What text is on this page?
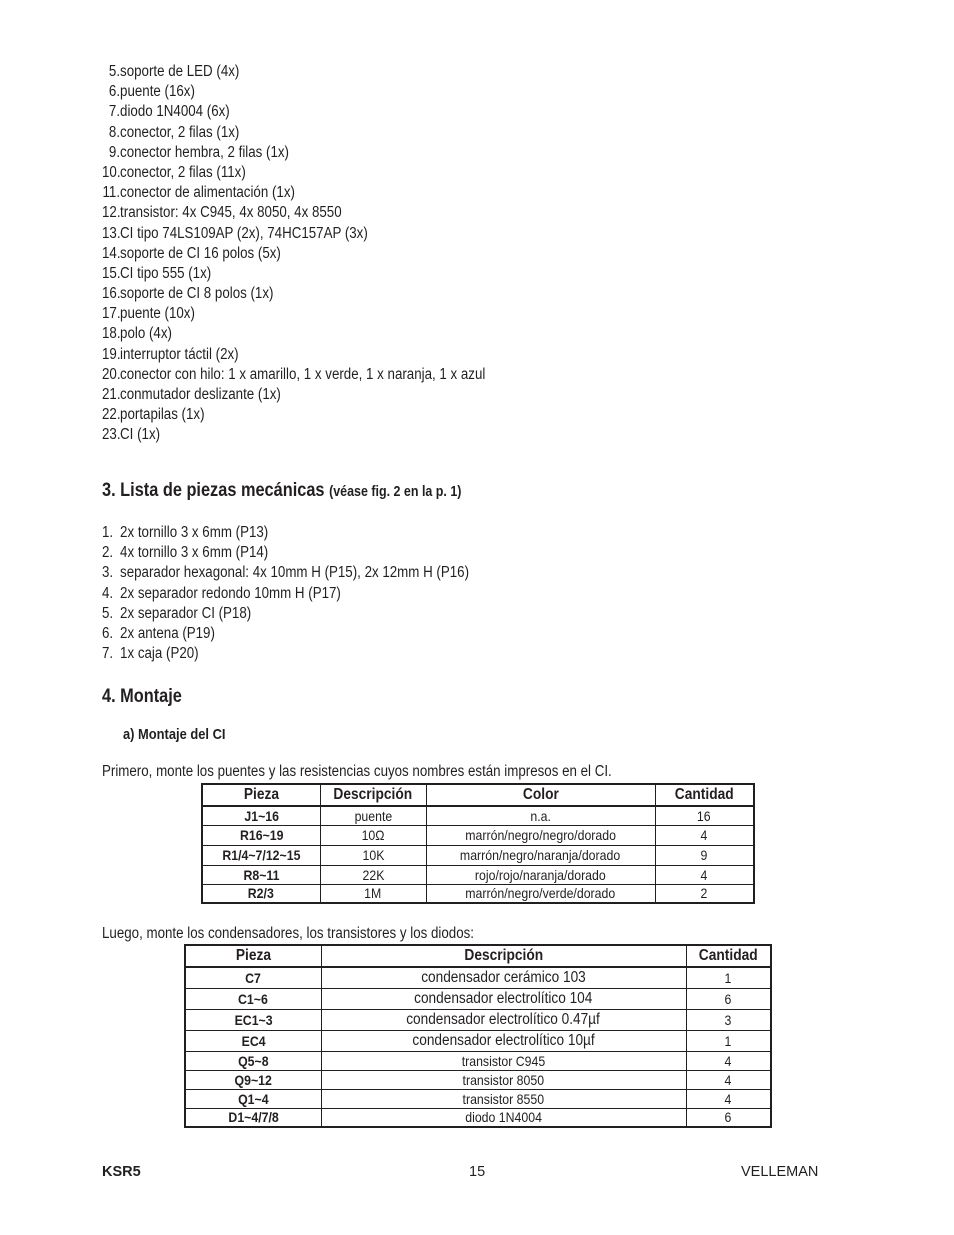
5.soporte de LED (4x)
6.puente (16x)
7.diodo 1N4004 (6x)
8.conector, 2 filas (1x)
9.conector hembra, 2 filas (1x)
10.conector, 2 filas (11x)
11.conector de alimentación (1x)
12.transistor: 4x C945, 4x 8050, 4x 8550
13.CI tipo 74LS109AP (2x), 74HC157AP (3x)
14.soporte de CI 16 polos (5x)
15.CI tipo 555 (1x)
16.soporte de CI 8 polos (1x)
17.puente (10x)
18.polo (4x)
19.interruptor táctil (2x)
20.conector con hilo: 1 x amarillo, 1 x verde, 1 x naranja, 1 x azul
21.conmutador deslizante (1x)
22.portapilas (1x)
23.CI (1x)
3. Lista de piezas mecánicas (véase fig. 2 en la p. 1)
1. 2x tornillo 3 x 6mm (P13)
2. 4x tornillo 3 x 6mm (P14)
3. separador hexagonal: 4x 10mm H (P15), 2x 12mm H (P16)
4. 2x separador redondo 10mm H (P17)
5. 2x separador CI (P18)
6. 2x antena (P19)
7. 1x caja (P20)
4. Montaje
a) Montaje del CI
Primero, monte los puentes y las resistencias cuyos nombres están impresos en el CI.
Pieza	Descripción	Color	Cantidad
J1~16	puente	n.a.	16
R16~19	10Ω	marrón/negro/negro/dorado	4
R1/4~7/12~15	10K	marrón/negro/naranja/dorado	9
R8~11	22K	rojo/rojo/naranja/dorado	4
R2/3	1M	marrón/negro/verde/dorado	2
Luego, monte los condensadores, los transistores y los diodos:
Pieza	Descripción	Cantidad
C7	condensador cerámico 103	1
C1~6	condensador electrolítico 104	6
EC1~3	condensador electrolítico 0.47µf	3
EC4	condensador electrolítico 10µf	1
Q5~8	transistor C945	4
Q9~12	transistor 8050	4
Q1~4	transistor 8550	4
D1~4/7/8	diodo 1N4004	6
KSR5	15	VELLEMAN
